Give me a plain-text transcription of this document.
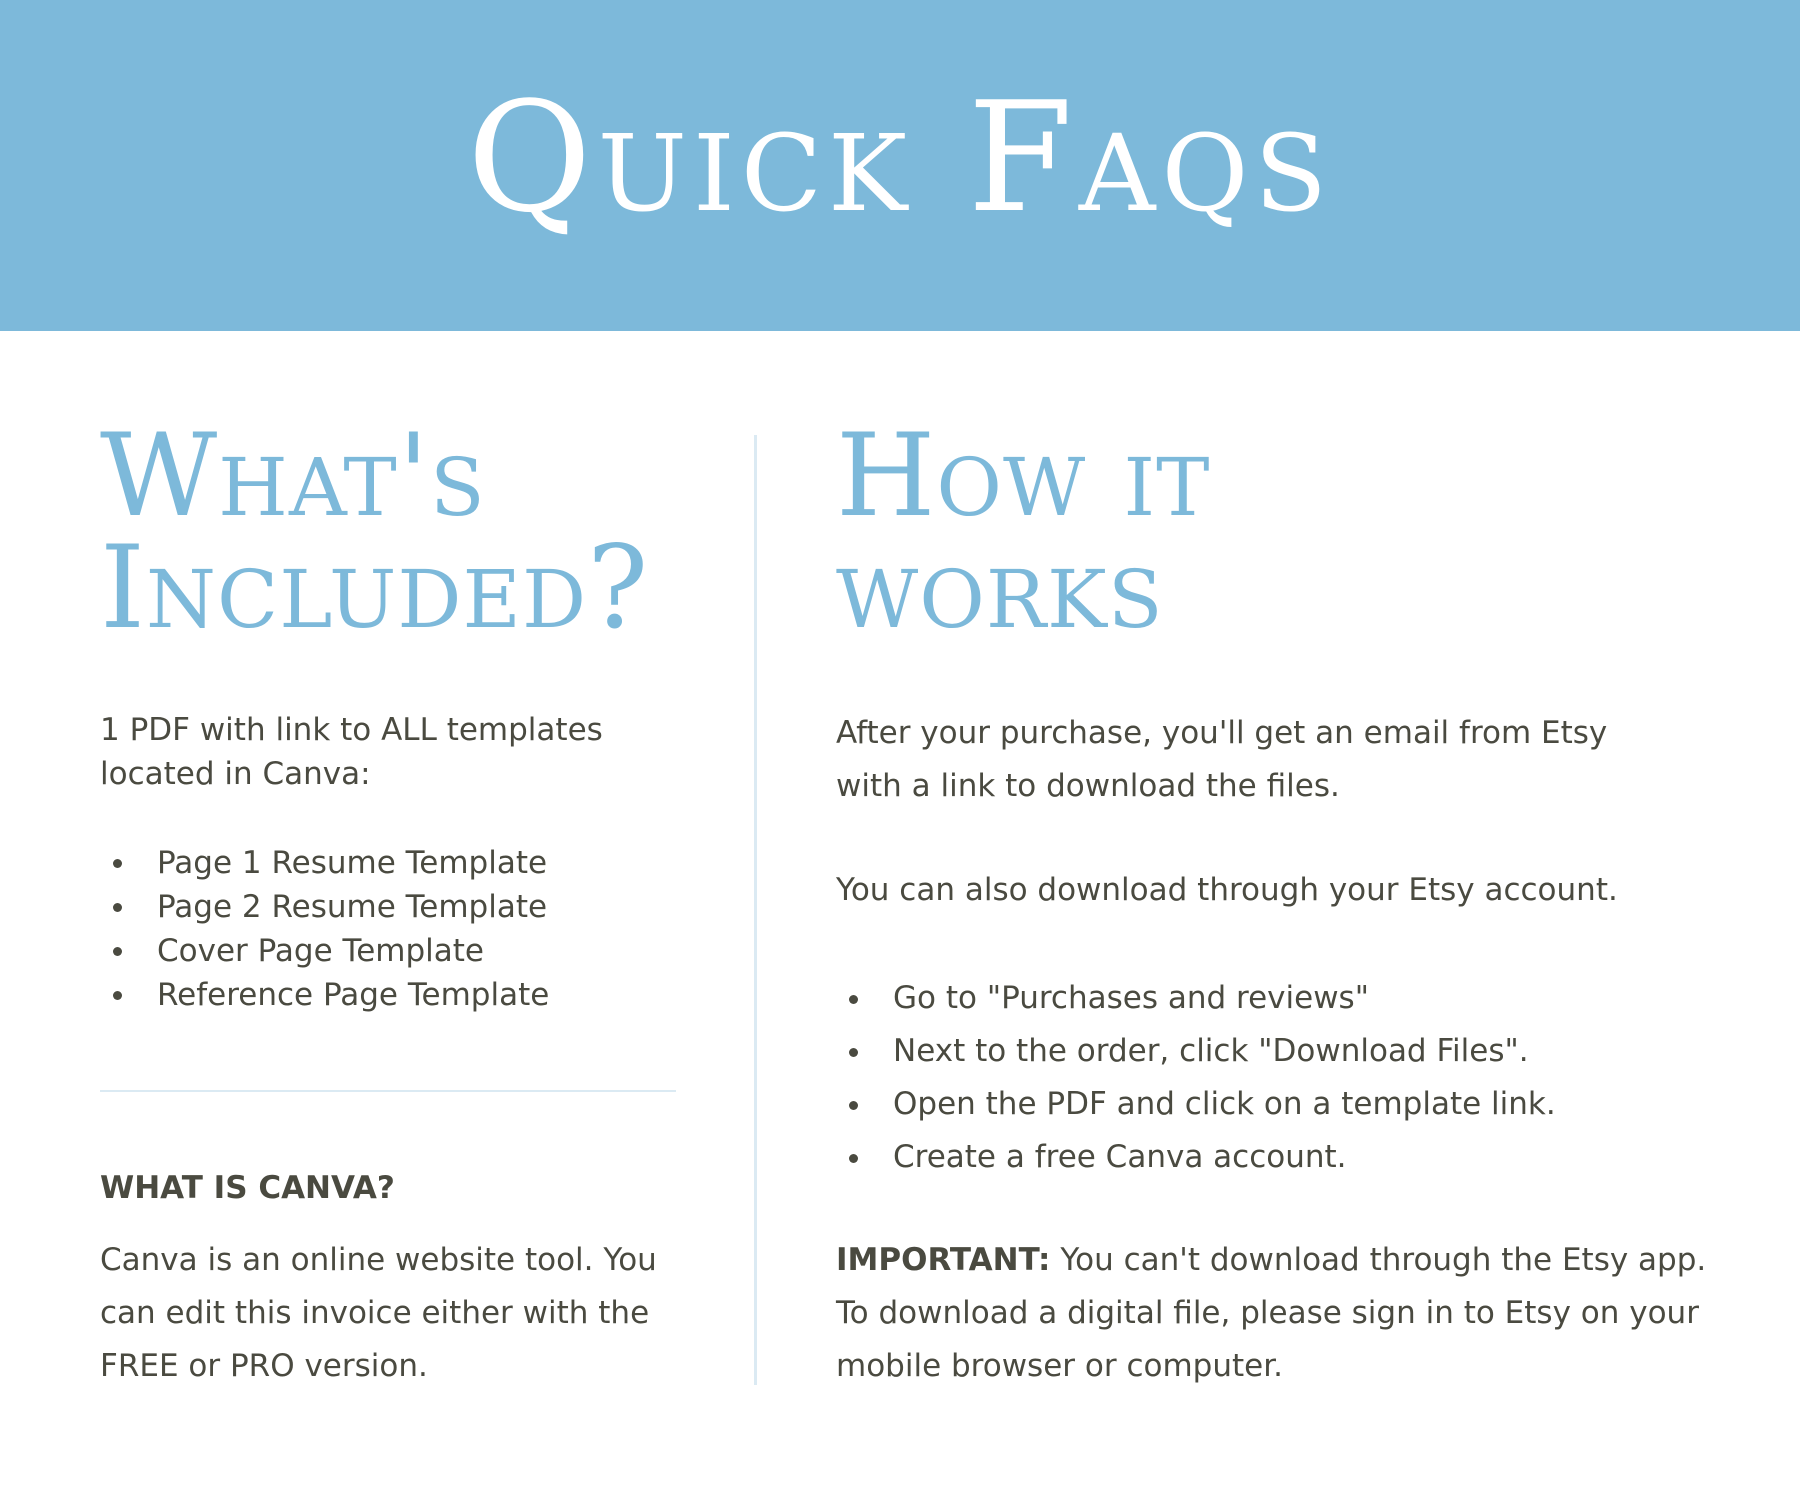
Quick Faqs
What's
Included?

1 PDF with link to ALL templates
located in Canva:

Page 1 Resume Template
Page 2 Resume Template
Cover Page Template
Reference Page Template
WHAT IS CANVA?

Canva is an online website tool. You
can edit this invoice either with the
FREE or PRO version.

How it
works

After your purchase, you'll get an email from Etsy
with a link to download the files.

You can also download through your Etsy account.

Go to "Purchases and reviews"
Next to the order, click "Download Files".
Open the PDF and click on a template link.
Create a free Canva account.

IMPORTANT: You can't download through the Etsy app.
To download a digital file, please sign in to Etsy on your
mobile browser or computer.
